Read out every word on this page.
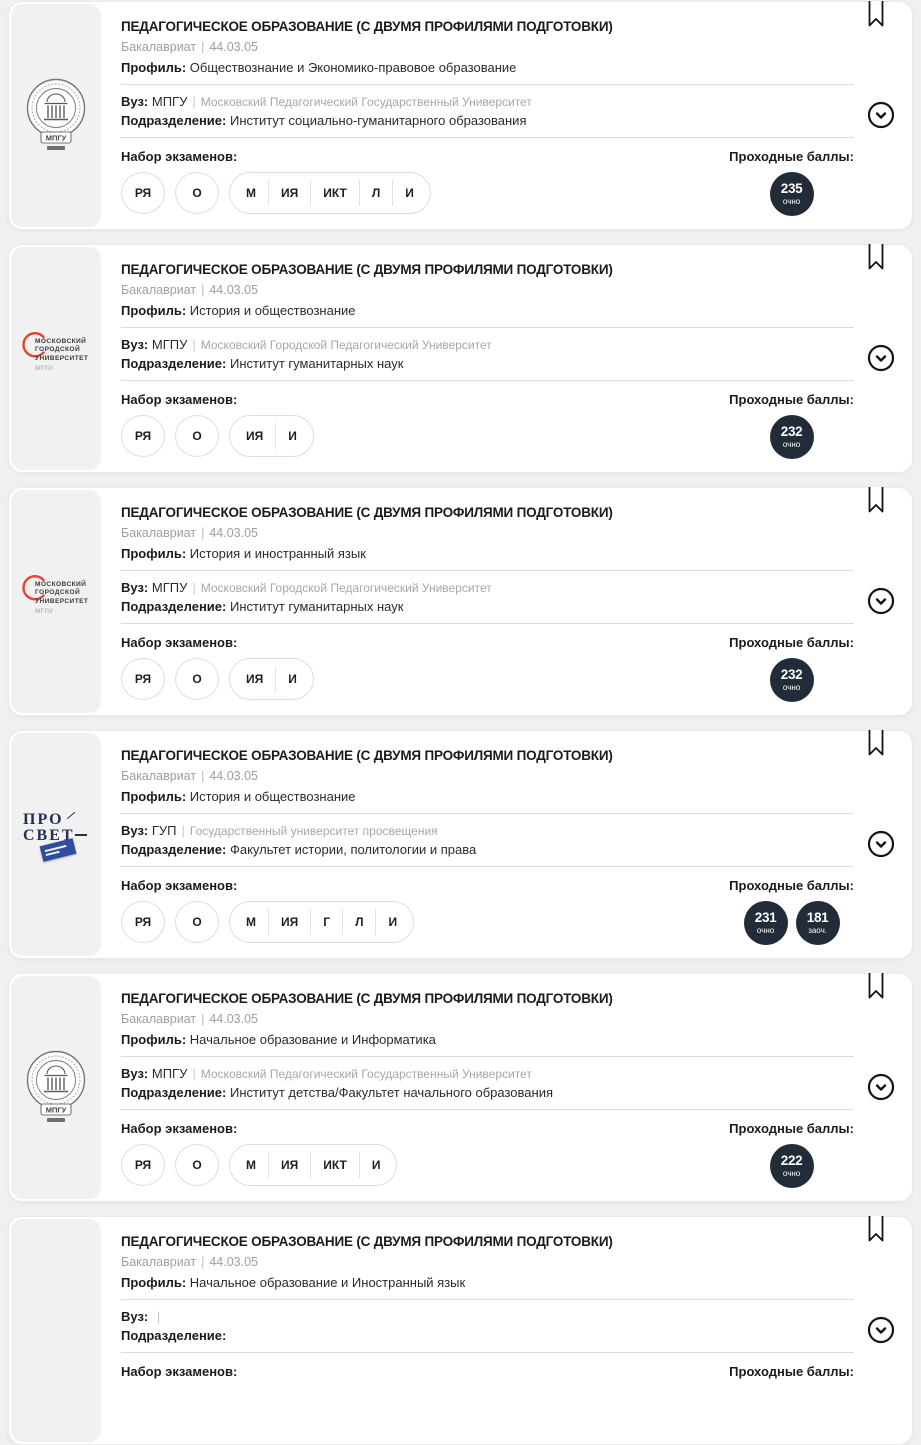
МПГУ
ПЕДАГОГИЧЕСКОЕ ОБРАЗОВАНИЕ (С ДВУМЯ ПРОФИЛЯМИ ПОДГОТОВКИ)
Бакалавриат | 44.03.05
Профиль: Обществознание и Экономико-правовое образование
Вуз: МПГУ | Московский Педагогический Государственный Университет
Подразделение: Институт социально-гуманитарного образования
Набор экзаменов:
РЯ	О	М	ИЯ	ИКТ	Л	И
Проходные баллы:
235
очно
МОСКОВСКИЙ
ГОРОДСКОЙ
УНИВЕРСИТЕТ
МГПУ
ПЕДАГОГИЧЕСКОЕ ОБРАЗОВАНИЕ (С ДВУМЯ ПРОФИЛЯМИ ПОДГОТОВКИ)
Бакалавриат | 44.03.05
Профиль: История и обществознание
Вуз: МГПУ | Московский Городской Педагогический Университет
Подразделение: Институт гуманитарных наук
Набор экзаменов:
РЯ	О	ИЯ	И
Проходные баллы:
232
очно
МОСКОВСКИЙ
ГОРОДСКОЙ
УНИВЕРСИТЕТ
МГПУ
ПЕДАГОГИЧЕСКОЕ ОБРАЗОВАНИЕ (С ДВУМЯ ПРОФИЛЯМИ ПОДГОТОВКИ)
Бакалавриат | 44.03.05
Профиль: История и иностранный язык
Вуз: МГПУ | Московский Городской Педагогический Университет
Подразделение: Институт гуманитарных наук
Набор экзаменов:
РЯ	О	ИЯ	И
Проходные баллы:
232
очно
ПРО
СВЕТ
ПЕДАГОГИЧЕСКОЕ ОБРАЗОВАНИЕ (С ДВУМЯ ПРОФИЛЯМИ ПОДГОТОВКИ)
Бакалавриат | 44.03.05
Профиль: История и обществознание
Вуз: ГУП | Государственный университет просвещения
Подразделение: Факультет истории, политологии и права
Набор экзаменов:
РЯ	О	М	ИЯ	Г	Л	И
Проходные баллы:
231
очно
181
заоч.
МПГУ
ПЕДАГОГИЧЕСКОЕ ОБРАЗОВАНИЕ (С ДВУМЯ ПРОФИЛЯМИ ПОДГОТОВКИ)
Бакалавриат | 44.03.05
Профиль: Начальное образование и Информатика
Вуз: МПГУ | Московский Педагогический Государственный Университет
Подразделение: Институт детства/Факультет начального образования
Набор экзаменов:
РЯ	О	М	ИЯ	ИКТ	И
Проходные баллы:
222
очно
ПЕДАГОГИЧЕСКОЕ ОБРАЗОВАНИЕ (С ДВУМЯ ПРОФИЛЯМИ ПОДГОТОВКИ)
Бакалавриат | 44.03.05
Профиль: Начальное образование и Иностранный язык
Вуз: |
Подразделение:
Набор экзаменов:	Проходные баллы:
